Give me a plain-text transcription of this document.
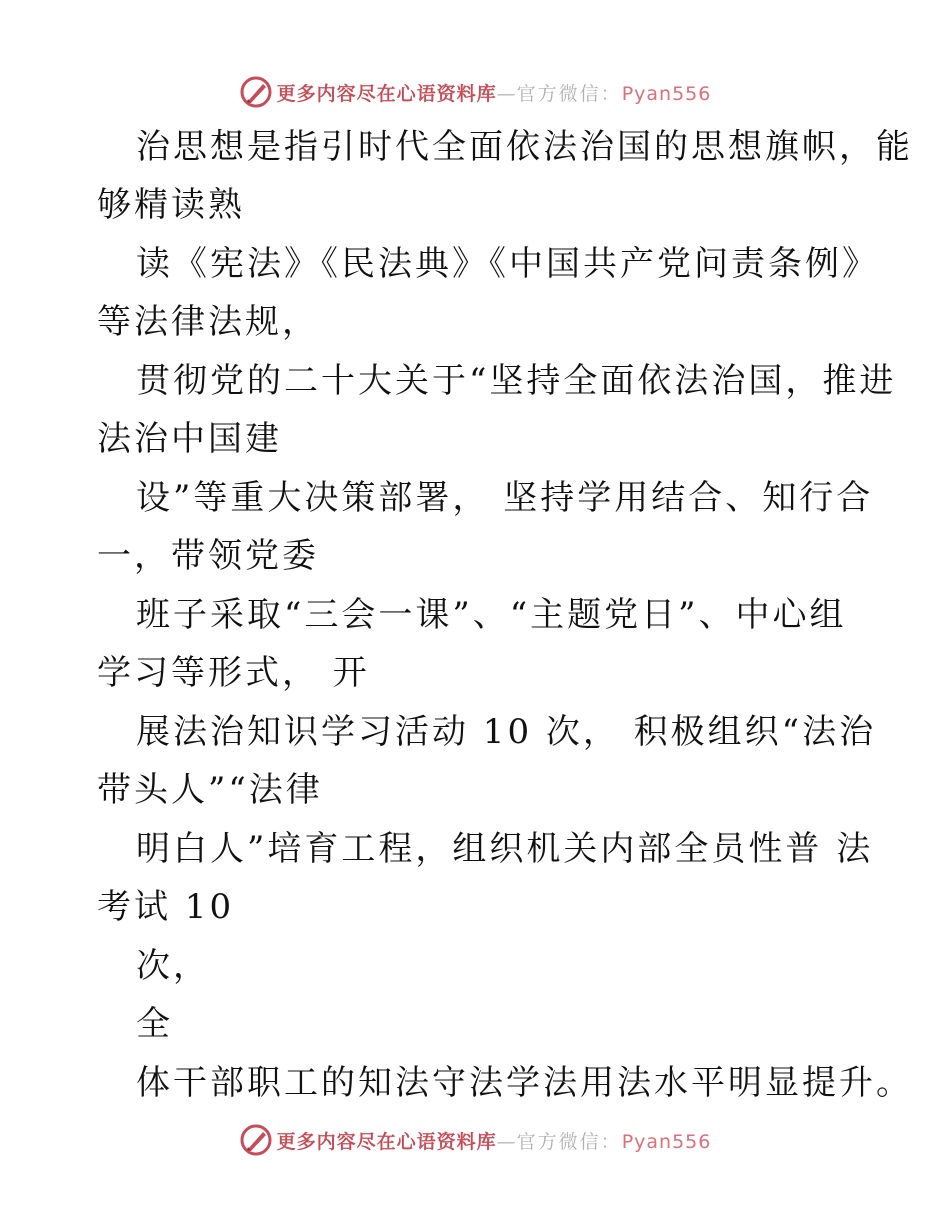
更多内容尽在心语资料库—官方微信：Pyan556
治思想是指引时代全面依法治国的思想旗帜，能
够精读熟
读《宪法》《民法典》《中国共产党问责条例》
等法律法规，
贯彻党的二十大关于“坚持全面依法治国，推进
法治中国建
设”等重大决策部署， 坚持学用结合、知行合
一，带领党委
班子采取“三会一课”、“主题党日”、中心组
学习等形式， 开
展法治知识学习活动 10 次， 积极组织“法治
带头人”“法律
明白人”培育工程，组织机关内部全员性普 法
考试 10
次，
全
体干部职工的知法守法学法用法水平明显提升。
更多内容尽在心语资料库—官方微信：Pyan556
